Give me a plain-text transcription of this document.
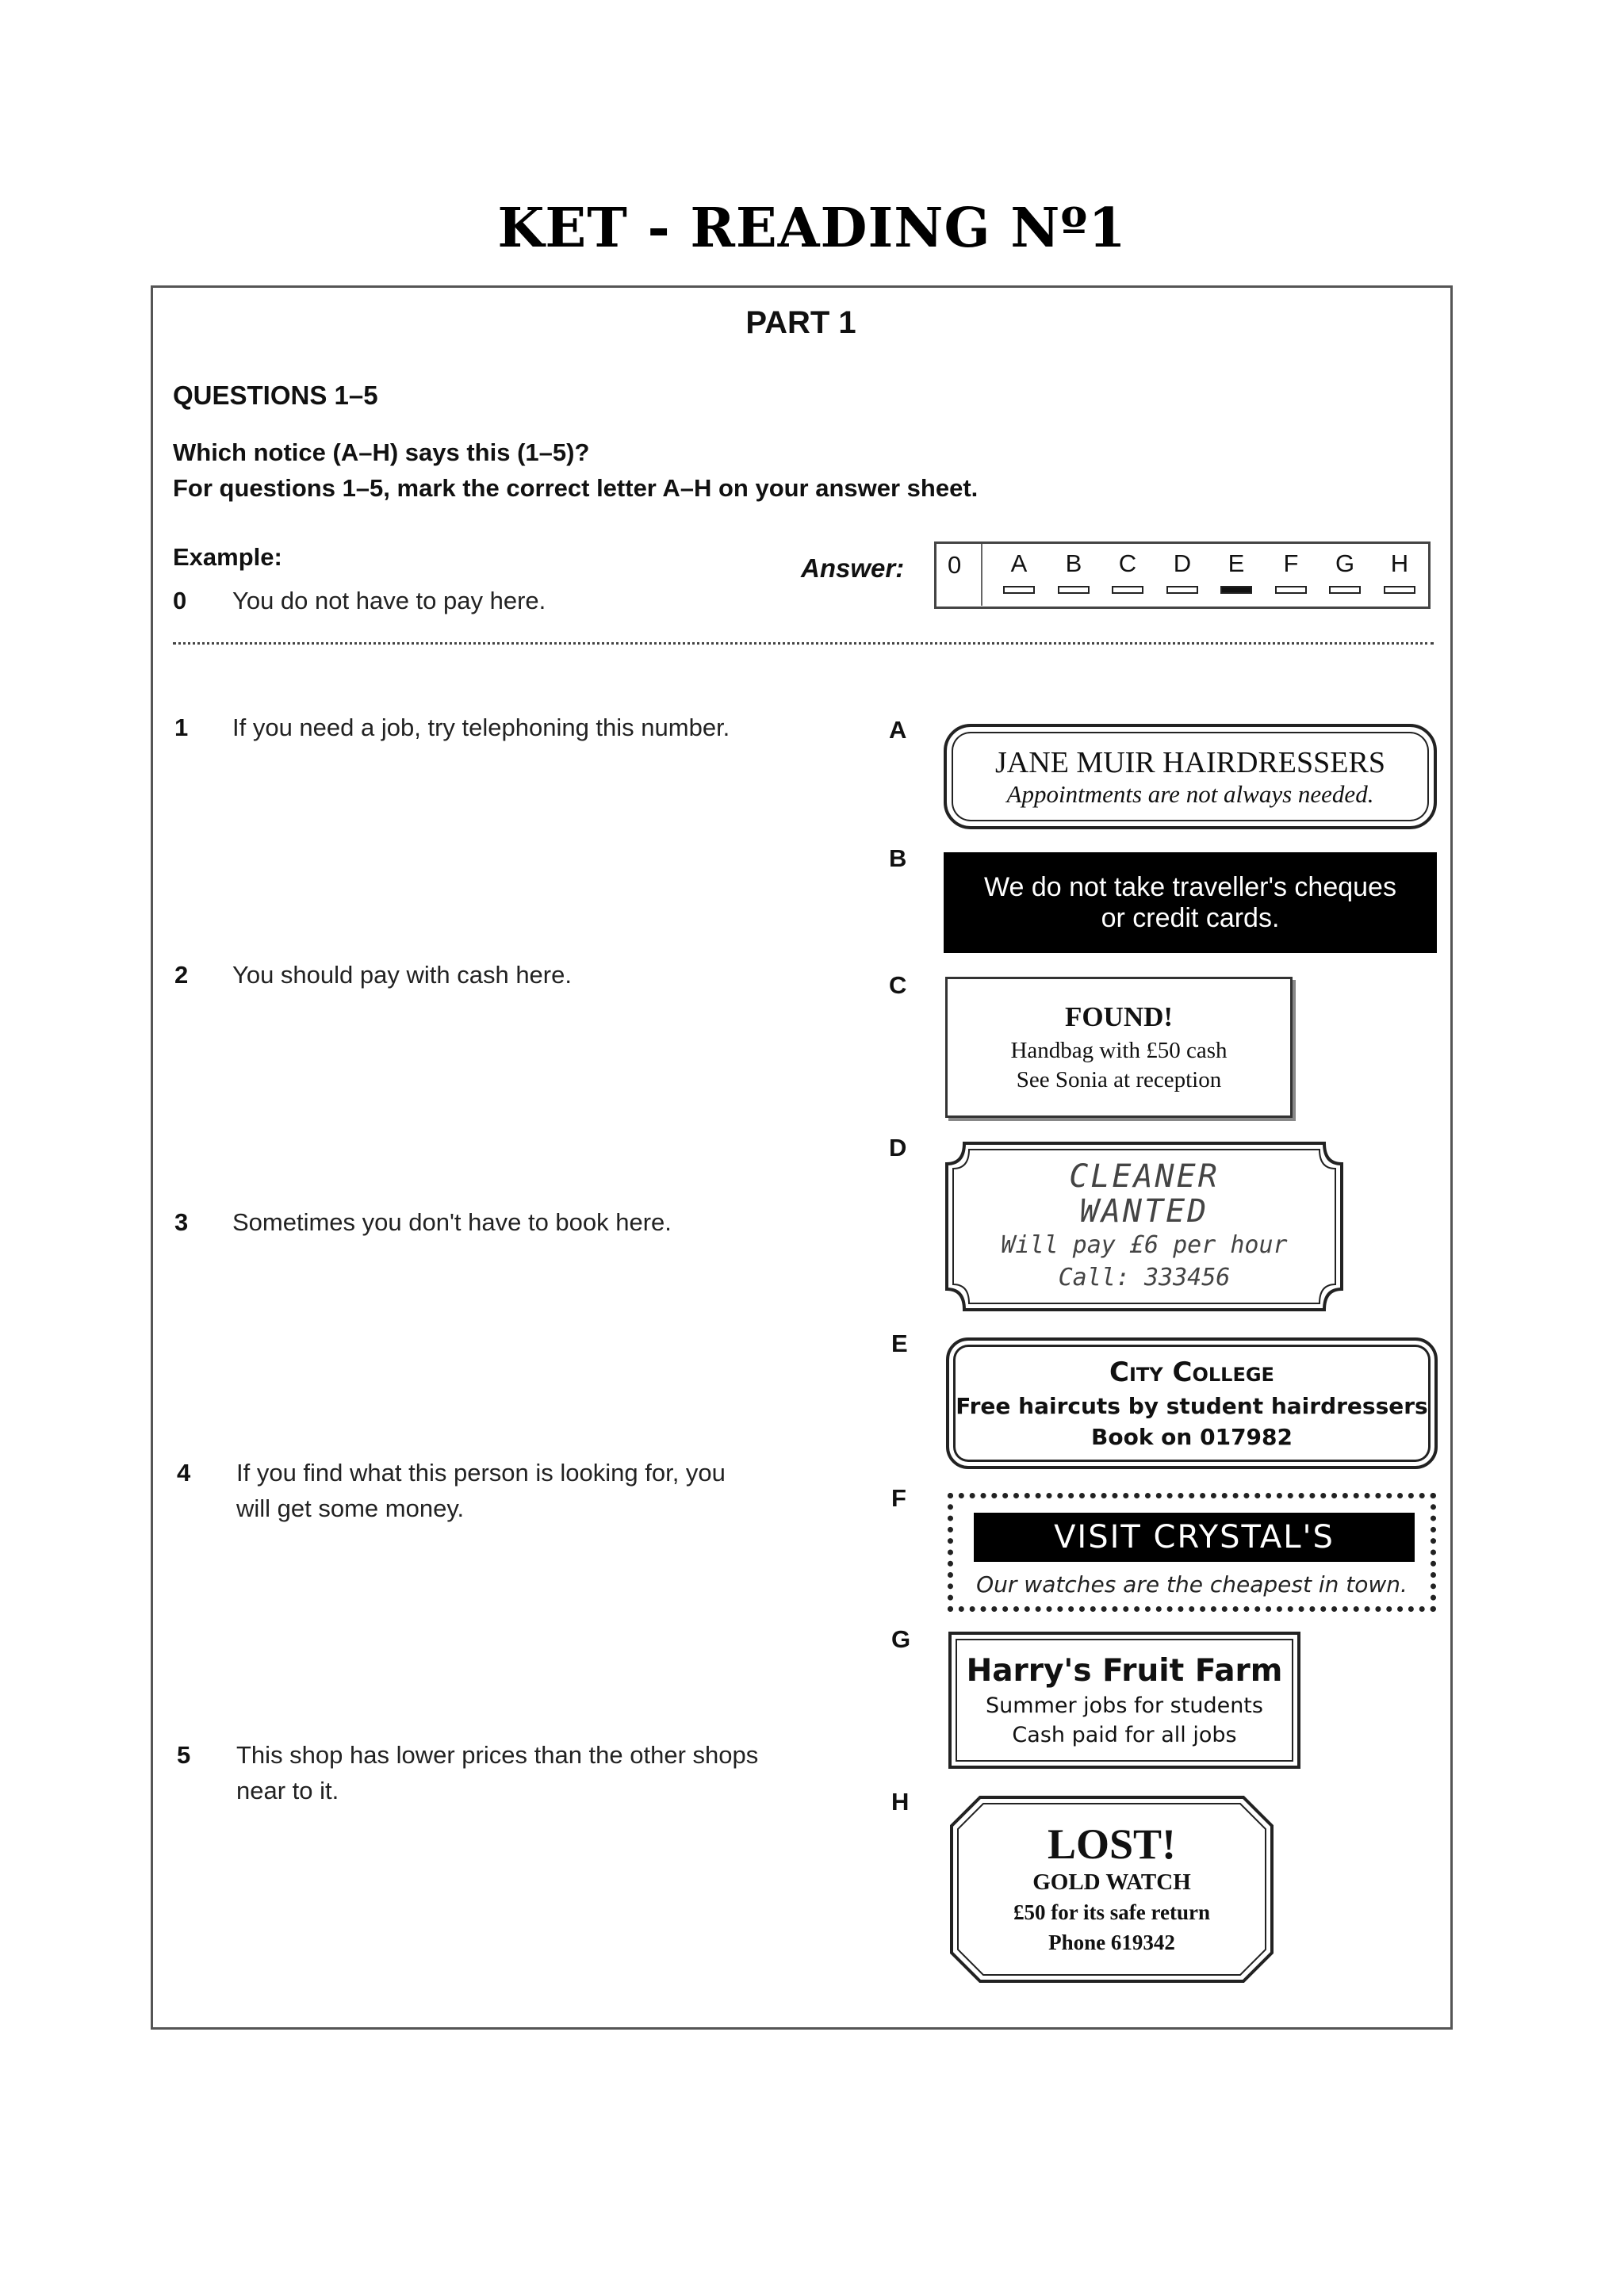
KET - READING Nº1
PART 1
QUESTIONS 1–5
Which notice (A–H) says this (1–5)?
For questions 1–5, mark the correct letter A–H on your answer sheet.
Example:
0 You do not have to pay here.
Answer: 0	A	B	C D	E	F	G H
1 If you need a job, try telephoning this number.
2 You should pay with cash here.
3 Sometimes you don't have to book here.
4 If you find what this person is looking for, you
will get some money.
5 This shop has lower prices than the other shops
near to it.
A
B
C
D
E
F
G
H
JANE MUIR HAIRDRESSERS
Appointments are not always needed.
We do not take traveller's cheques
or credit cards.
FOUND!
Handbag with £50 cash
See Sonia at reception
CLEANER
WANTED
Will pay £6 per hour
Call: 333456
City College
Free haircuts by student hairdressers
Book on 017982
VISIT CRYSTAL'S
Our watches are the cheapest in town.
Harry's Fruit Farm
Summer jobs for students
Cash paid for all jobs
LOST!
GOLD WATCH
£50 for its safe return
Phone 619342
